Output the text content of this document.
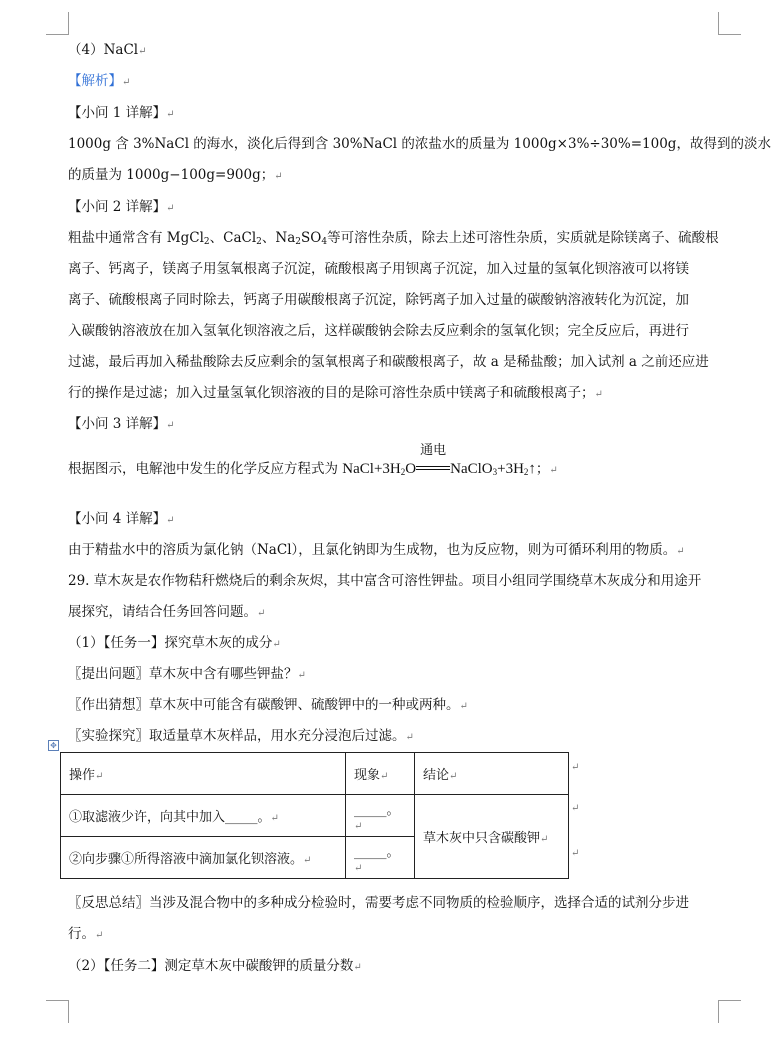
（4）NaCl↵
【解析】↵
【小问 1 详解】↵
1000g 含 3%NaCl 的海水，淡化后得到含 30%NaCl 的浓盐水的质量为 1000g×3%÷30%=100g，故得到的淡水
的质量为 1000g−100g=900g；↵
【小问 2 详解】↵
粗盐中通常含有 MgCl$_2$、CaCl$_2$、$Na_2SO_4$等可溶性杂质，除去上述可溶性杂质，实质就是除镁离子、硫酸根
离子、钙离子，镁离子用氢氧根离子沉淀，硫酸根离子用钡离子沉淀，加入过量的氢氧化钡溶液可以将镁
离子、硫酸根离子同时除去，钙离子用碳酸根离子沉淀，除钙离子加入过量的碳酸钠溶液转化为沉淀，加
入碳酸钠溶液放在加入氢氧化钡溶液之后，这样碳酸钠会除去反应剩余的氢氧化钡；完全反应后，再进行
过滤，最后再加入稀盐酸除去反应剩余的氢氧根离子和碳酸根离子，故 a 是稀盐酸；加入试剂 a 之前还应进
行的操作是过滤；加入过量氢氧化钡溶液的目的是除可溶性杂质中镁离子和硫酸根离子；↵
【小问 3 详解】↵
根据图示，电解池中发生的化学反应方程式为 $NaCl+3H_2O$
通电
$NaClO_3+3H_2↑$；↵
【小问 4 详解】↵
由于精盐水中的溶质为氯化钠（NaCl），且氯化钠即为生成物，也为反应物，则为可循环利用的物质。↵
29. 草木灰是农作物秸秆燃烧后的剩余灰烬，其中富含可溶性钾盐。项目小组同学围绕草木灰成分和用途开
展探究，请结合任务回答问题。↵
（1）【任务一】探究草木灰的成分↵
〖提出问题〗草木灰中含有哪些钾盐？↵
〖作出猜想〗草木灰中可能含有碳酸钾、硫酸钾中的一种或两种。↵
〖实验探究〗取适量草木灰样品，用水充分浸泡后过滤。↵
✥
操作↵	现象↵	结论↵
①取滤液少许，向其中加入_____。↵	_____。↵	草木灰中只含碳酸钾↵
②向步骤①所得溶液中滴加氯化钡溶液。↵	_____。↵	
↵
↵
↵
〖反思总结〗当涉及混合物中的多种成分检验时，需要考虑不同物质的检验顺序，选择合适的试剂分步进
行。↵
（2）【任务二】测定草木灰中碳酸钾的质量分数↵
